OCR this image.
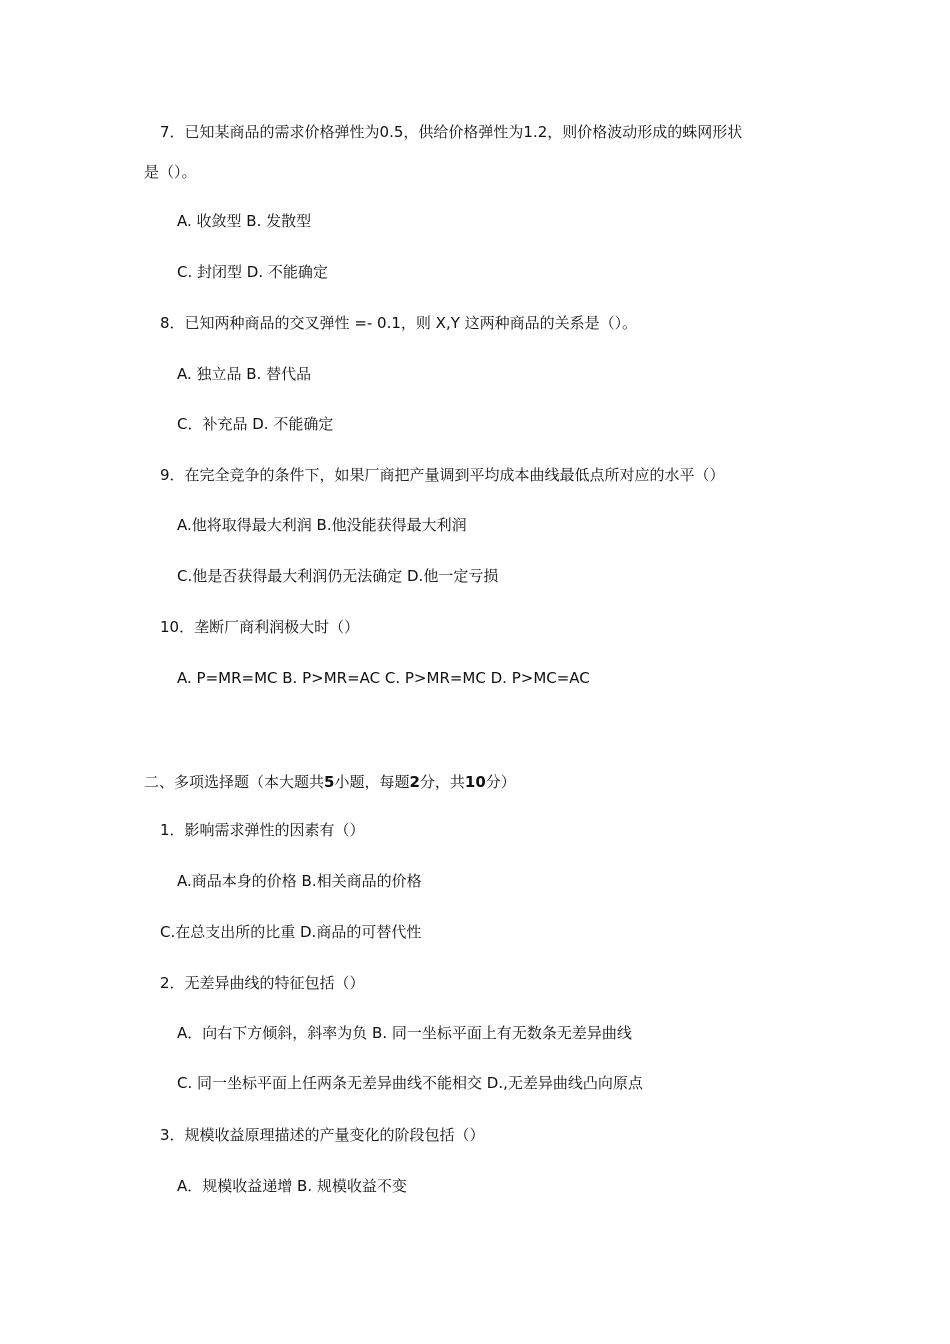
7．已知某商品的需求价格弹性为0.5，供给价格弹性为1.2，则价格波动形成的蛛网形状

是（）。

A. 收敛型 B. 发散型

C. 封闭型 D. 不能确定

8．已知两种商品的交叉弹性 =- 0.1，则 X,Y 这两种商品的关系是（）。

A. 独立品 B. 替代品

C．补充品 D. 不能确定

9．在完全竞争的条件下，如果厂商把产量调到平均成本曲线最低点所对应的水平（）

A.他将取得最大利润 B.他没能获得最大利润

C.他是否获得最大利润仍无法确定 D.他一定亏损

10．垄断厂商利润极大时（）

A. P=MR=MC B. P>MR=AC C. P>MR=MC D. P>MC=AC

二、多项选择题（本大题共5小题，每题2分，共10分）

1．影响需求弹性的因素有（）

A.商品本身的价格 B.相关商品的价格

C.在总支出所的比重 D.商品的可替代性

2．无差异曲线的特征包括（）

A．向右下方倾斜，斜率为负 B. 同一坐标平面上有无数条无差异曲线

C. 同一坐标平面上任两条无差异曲线不能相交 D.,无差异曲线凸向原点

3．规模收益原理描述的产量变化的阶段包括（）

A．规模收益递增 B. 规模收益不变
